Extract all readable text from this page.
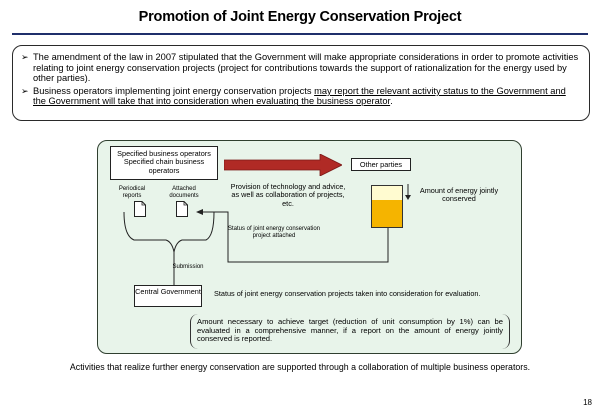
Promotion of Joint Energy Conservation Project
➢ The amendment of the law in 2007 stipulated that the Government will make appropriate considerations in order to promote activities relating to joint energy conservation projects (project for contributions towards the support of rationalization for the energy used by other parties).
➢ Business operators implementing joint energy conservation projects may report the relevant activity status to the Government and the Government will take that into consideration when evaluating the business operator.
Specified business operators
Specified chain business operators
Other parties
Periodical reports
Attached documents
Provision of technology and advice, as well as collaboration of projects, etc.
Amount of energy jointly conserved
Status of joint energy conservation project attached
Submission
Central Government Status of joint energy conservation projects taken into consideration for evaluation.
Amount necessary to achieve target (reduction of unit consumption by 1%) can be evaluated in a comprehensive manner, if a report on the amount of energy jointly conserved is reported.
Activities that realize further energy conservation are supported through a collaboration of multiple business operators.
18
